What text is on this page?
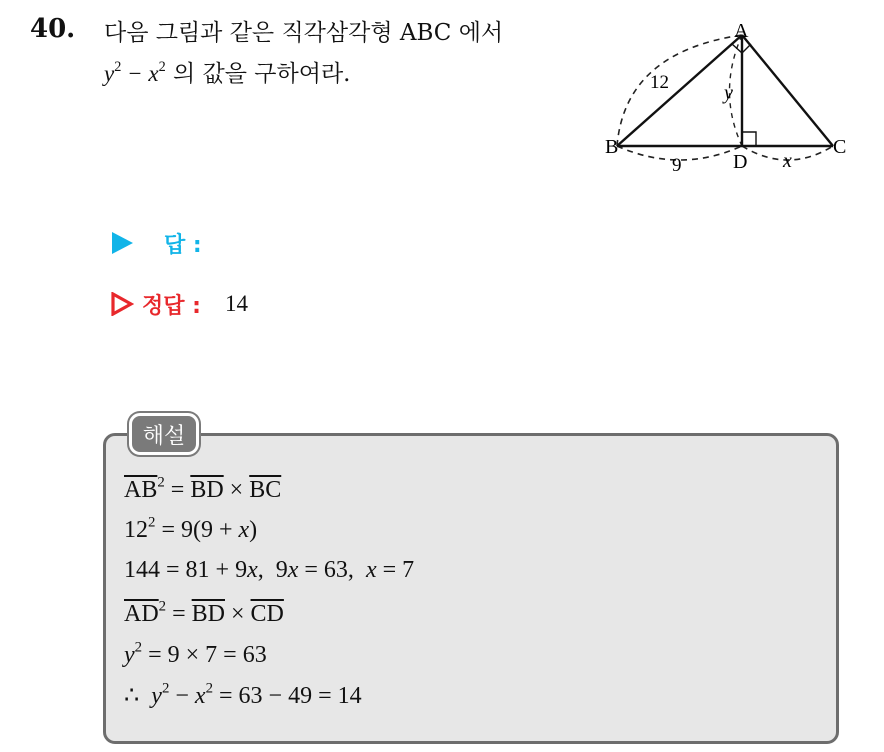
40. 다음 그림과 같은 직각삼각형 ABC 에서
$y^2 - x^2$ 의 값을 구하여라.
A
B	C
D
12
9
y
x
답 :
정답 : 14
해설
$\overline{AB}^2 = \overline{BD} \times \overline{BC}$
$12^2 = 9(9 + x)$
144 = 81 + 9x,  9x = 63,  x = 7
$\overline{AD}^2 = \overline{BD} \times \overline{CD}$
$y^2 = 9 \times 7 = 63$
∴  $y^2 - x^2 = 63 - 49 = 14$
